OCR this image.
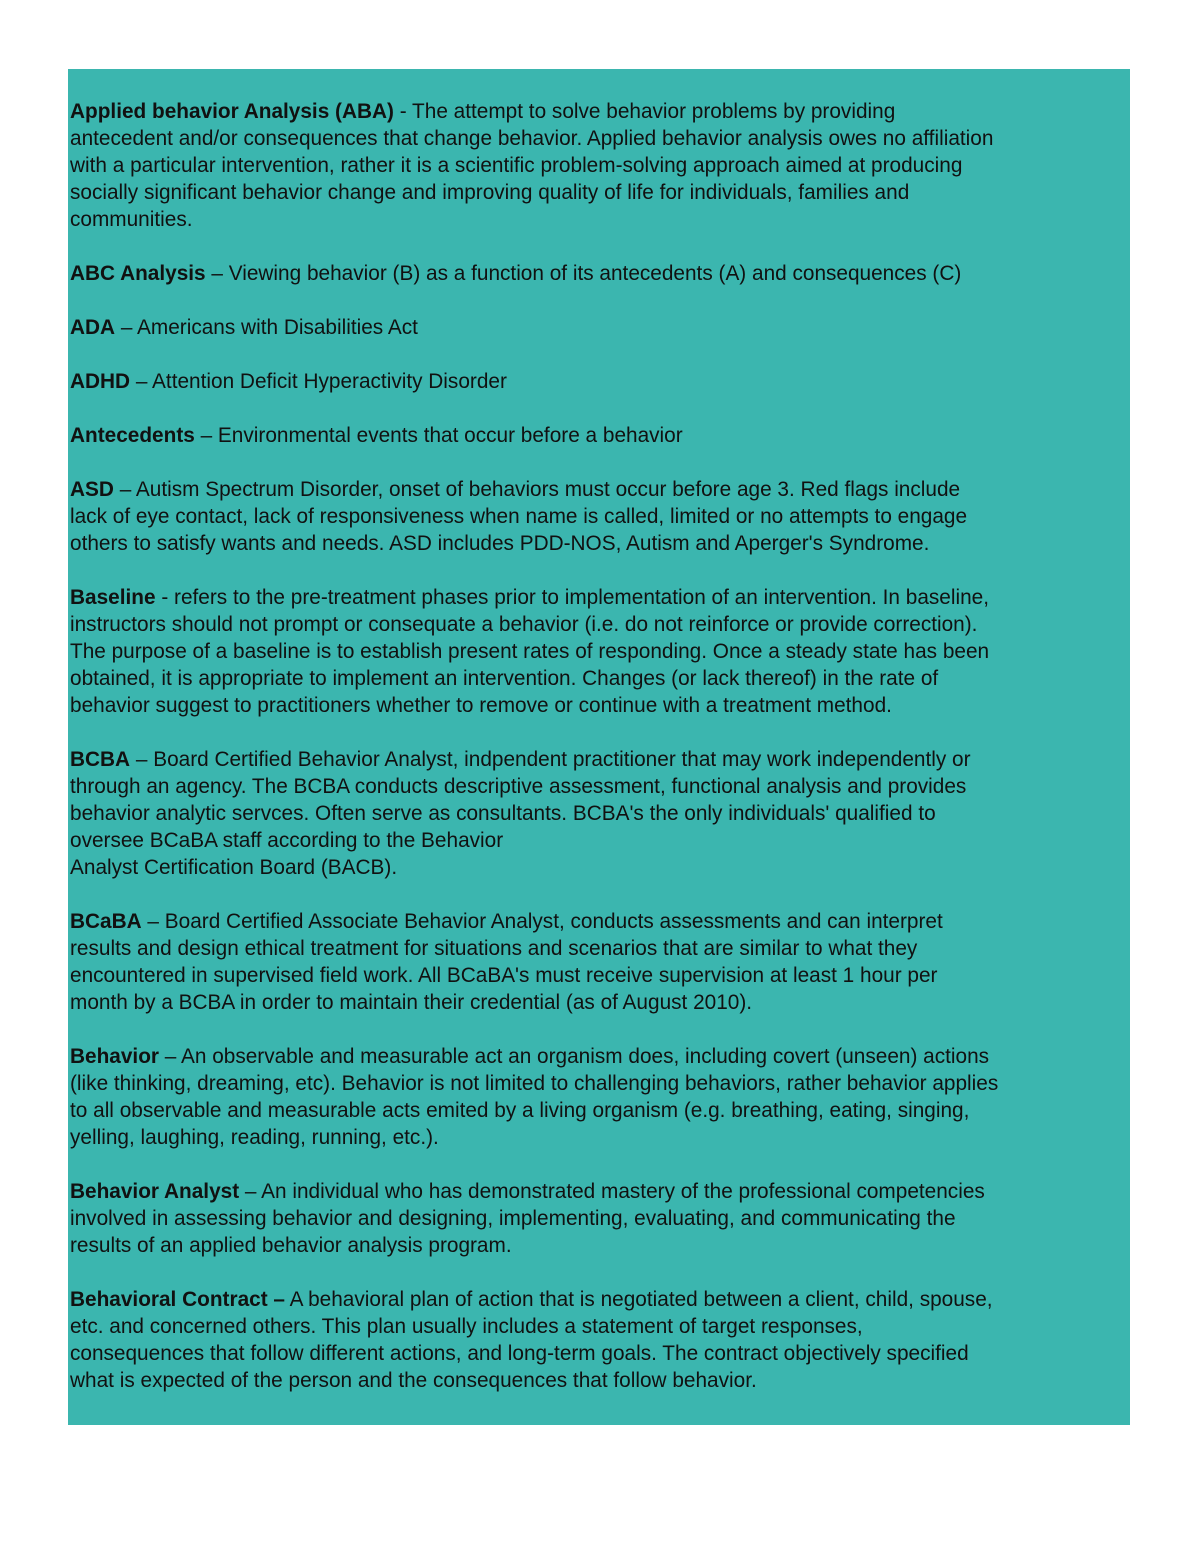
Applied behavior Analysis (ABA) - The attempt to solve behavior problems by providing
antecedent and/or consequences that change behavior. Applied behavior analysis owes no affiliation
with a particular intervention, rather it is a scientific problem-solving approach aimed at producing
socially significant behavior change and improving quality of life for individuals, families and
communities.
ABC Analysis – Viewing behavior (B) as a function of its antecedents (A) and consequences (C)
ADA – Americans with Disabilities Act
ADHD – Attention Deficit Hyperactivity Disorder
Antecedents – Environmental events that occur before a behavior
ASD – Autism Spectrum Disorder, onset of behaviors must occur before age 3. Red flags include
lack of eye contact, lack of responsiveness when name is called, limited or no attempts to engage
others to satisfy wants and needs. ASD includes PDD-NOS, Autism and Aperger's Syndrome.
Baseline - refers to the pre-treatment phases prior to implementation of an intervention. In baseline,
instructors should not prompt or consequate a behavior (i.e. do not reinforce or provide correction).
The purpose of a baseline is to establish present rates of responding. Once a steady state has been
obtained, it is appropriate to implement an intervention. Changes (or lack thereof) in the rate of
behavior suggest to practitioners whether to remove or continue with a treatment method.
BCBA – Board Certified Behavior Analyst, indpendent practitioner that may work independently or
through an agency. The BCBA conducts descriptive assessment, functional analysis and provides
behavior analytic servces. Often serve as consultants. BCBA's the only individuals' qualified to
oversee BCaBA staff according to the Behavior
Analyst Certification Board (BACB).
BCaBA – Board Certified Associate Behavior Analyst, conducts assessments and can interpret
results and design ethical treatment for situations and scenarios that are similar to what they
encountered in supervised field work. All BCaBA's must receive supervision at least 1 hour per
month by a BCBA in order to maintain their credential (as of August 2010).
Behavior – An observable and measurable act an organism does, including covert (unseen) actions
(like thinking, dreaming, etc). Behavior is not limited to challenging behaviors, rather behavior applies
to all observable and measurable acts emited by a living organism (e.g. breathing, eating, singing,
yelling, laughing, reading, running, etc.).
Behavior Analyst – An individual who has demonstrated mastery of the professional competencies
involved in assessing behavior and designing, implementing, evaluating, and communicating the
results of an applied behavior analysis program.
Behavioral Contract – A behavioral plan of action that is negotiated between a client, child, spouse,
etc. and concerned others. This plan usually includes a statement of target responses,
consequences that follow different actions, and long-term goals. The contract objectively specified
what is expected of the person and the consequences that follow behavior.
